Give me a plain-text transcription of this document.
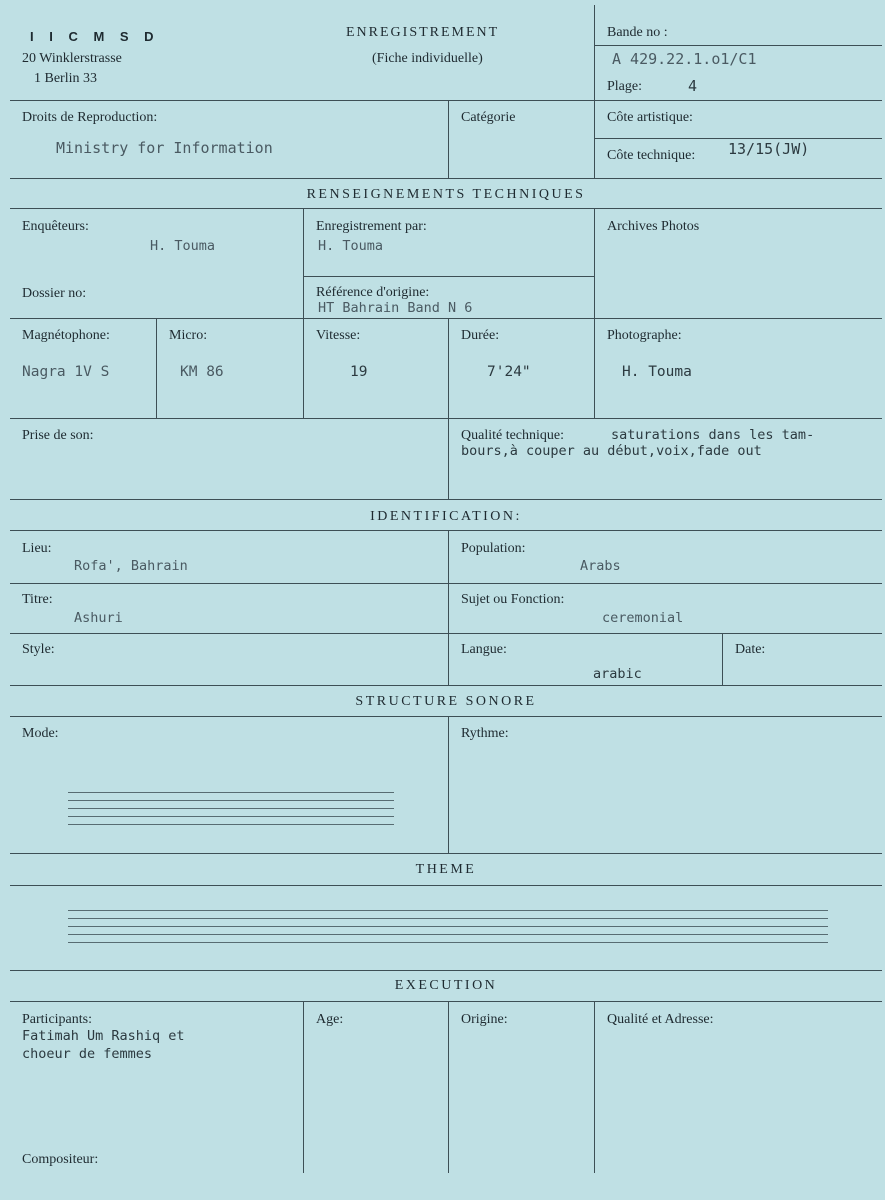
I I C M S D
20 Winklerstrasse
1 Berlin 33
ENREGISTREMENT
(Fiche individuelle)
Bande no :
A 429.22.1.o1/C1
Plage:	4
Droits de Reproduction:
Ministry for Information
Catégorie	Côte artistique:
Côte technique: 13/15(JW)
RENSEIGNEMENTS TECHNIQUES
Enquêteurs:
H. Touma
Enregistrement par:
H. Touma
Archives Photos
Dossier no:	Référence d'origine:
HT Bahrain Band N 6
Magnétophone:
Nagra 1V S
Micro:
KM 86
Vitesse:
19
Durée:
7'24"
Photographe:
H. Touma
Prise de son:	Qualité technique:	saturations dans les tam-
bours,à couper au début,voix,fade out
IDENTIFICATION:
Lieu:
Rofa', Bahrain
Population:
Arabs
Titre:
Ashuri
Sujet ou Fonction:
ceremonial
Style:	Langue:
arabic
Date:
STRUCTURE SONORE
Mode:	Rythme:
THEME
EXECUTION
Participants:
Fatimah Um Rashiq et
choeur de femmes
Age:	Origine:	Qualité et Adresse:
Compositeur:
